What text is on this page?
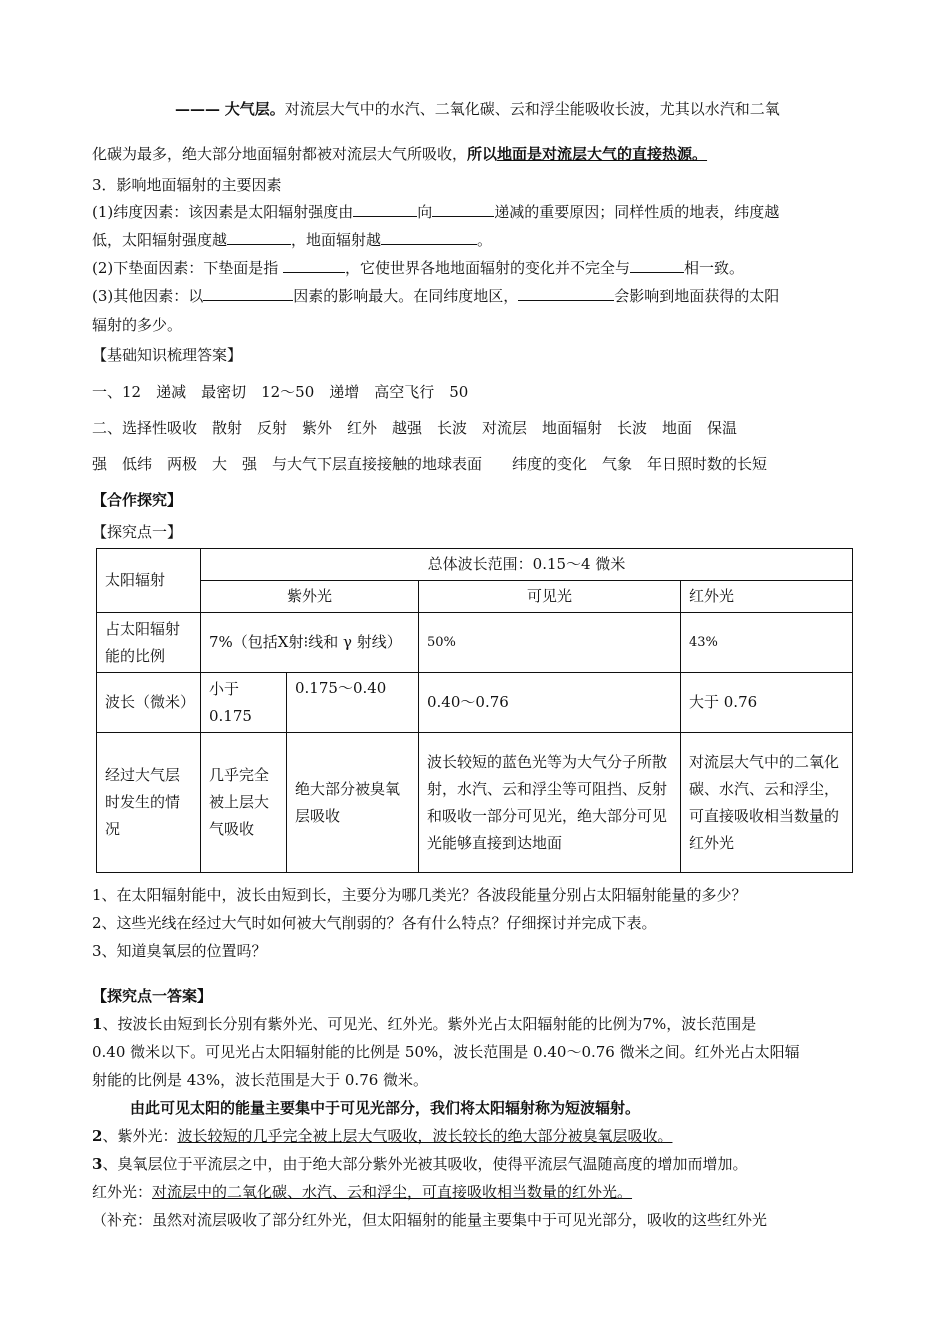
——— 大气层。对流层大气中的水汽、二氧化碳、云和浮尘能吸收长波，尤其以水汽和二氧
化碳为最多，绝大部分地面辐射都被对流层大气所吸收，所以地面是对流层大气的直接热源。
3．影响地面辐射的主要因素
(1)纬度因素：该因素是太阳辐射强度由	向	递减的重要原因；同样性质的地表，纬度越
低，太阳辐射强度越	，地面辐射越	。
(2)下垫面因素：下垫面是指	，它使世界各地地面辐射的变化并不完全与	相一致。
(3)其他因素：以	因素的影响最大。在同纬度地区，	会影响到地面获得的太阳
辐射的多少。
【基础知识梳理答案】
一、12　递减　最密切　12～50　递增　高空飞行　50
二、选择性吸收　散射　反射　紫外　红外　越强　长波　对流层　地面辐射　长波　地面　保温
强　低纬　两极　大　强　与大气下层直接接触的地球表面　　纬度的变化　气象　年日照时数的长短
【合作探究】
【探究点一】
太阳辐射	总体波长范围：0.15～4 微米			
	紫外光		可见光	红外光
占太阳辐射能的比例	7%（包括X射⁝线和 γ 射线）		50%	43%
波长（微米）	小于 0.175	0.175～0.40	0.40～0.76	大于 0.76
经过大气层时发生的情况	几乎完全被上层大气吸收	绝大部分被臭氧层吸收	波长较短的蓝色光等为大气分子所散射，水汽、云和浮尘等可阻挡、反射和吸收一部分可见光，绝大部分可见光能够直接到达地面	对流层大气中的二氧化碳、水汽、云和浮尘，可直接吸收相当数量的红外光
1、在太阳辐射能中，波长由短到长，主要分为哪几类光？各波段能量分别占太阳辐射能量的多少？
2、这些光线在经过大气时如何被大气削弱的？各有什么特点？仔细探讨并完成下表。
3、知道臭氧层的位置吗？
【探究点一答案】
1、按波长由短到长分别有紫外光、可见光、红外光。紫外光占太阳辐射能的比例为7%，波长范围是
0.40 微米以下。可见光占太阳辐射能的比例是 50%，波长范围是 0.40～0.76 微米之间。红外光占太阳辐
射能的比例是 43%，波长范围是大于 0.76 微米。
由此可见太阳的能量主要集中于可见光部分，我们将太阳辐射称为短波辐射。
2、紫外光：波长较短的几乎完全被上层大气吸收，波长较长的绝大部分被臭氧层吸收。
3、臭氧层位于平流层之中，由于绝大部分紫外光被其吸收，使得平流层气温随高度的增加而增加。
红外光：对流层中的二氧化碳、水汽、云和浮尘，可直接吸收相当数量的红外光。
（补充：虽然对流层吸收了部分红外光，但太阳辐射的能量主要集中于可见光部分，吸收的这些红外光
